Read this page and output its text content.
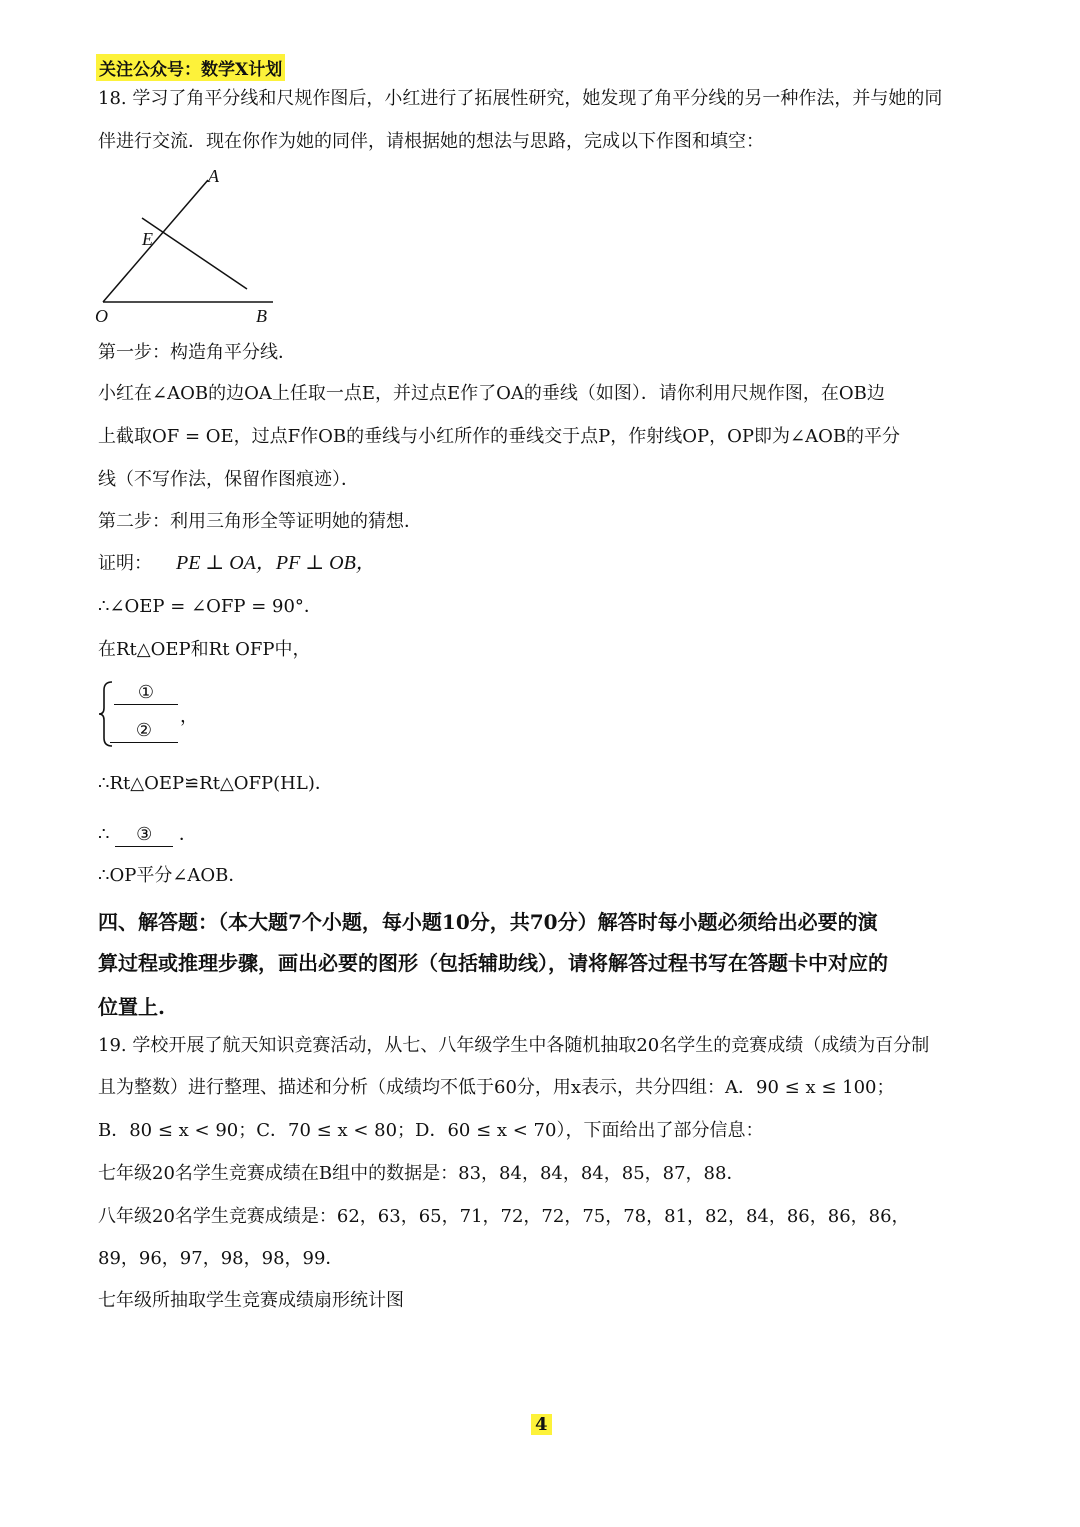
关注公众号：数学X计划
18. 学习了角平分线和尺规作图后，小红进行了拓展性研究，她发现了角平分线的另一种作法，并与她的同
伴进行交流．现在你作为她的同伴，请根据她的想法与思路，完成以下作图和填空：
A
E
O	B
第一步：构造角平分线．
小红在∠AOB的边OA上任取一点E，并过点E作了OA的垂线（如图）．请你利用尺规作图，在OB边
上截取OF = OE，过点F作OB的垂线与小红所作的垂线交于点P，作射线OP，OP即为∠AOB的平分
线（不写作法，保留作图痕迹）．
第二步：利用三角形全等证明她的猜想．
证明： PE ⊥ OA，PF ⊥ OB，
∴∠OEP = ∠OFP = 90°．
在Rt△OEP和Rt OFP中，
①
②
，
∴Rt△OEP≌Rt△OFP(HL)．
∴ ③ ．
∴OP平分∠AOB．
四、解答题：（本大题7个小题，每小题10分，共70分）解答时每小题必须给出必要的演
算过程或推理步骤，画出必要的图形（包括辅助线），请将解答过程书写在答题卡中对应的
位置上.
19. 学校开展了航天知识竞赛活动，从七、八年级学生中各随机抽取20名学生的竞赛成绩（成绩为百分制
且为整数）进行整理、描述和分析（成绩均不低于60分，用x表示，共分四组：A．90 ≤ x ≤ 100；
B．80 ≤ x < 90；C．70 ≤ x < 80；D．60 ≤ x < 70），下面给出了部分信息：
七年级20名学生竞赛成绩在B组中的数据是：83，84，84，84，85，87，88．
八年级20名学生竞赛成绩是：62，63，65，71，72，72，75，78，81，82，84，86，86，86，
89，96，97，98，98，99．
七年级所抽取学生竞赛成绩扇形统计图
4
